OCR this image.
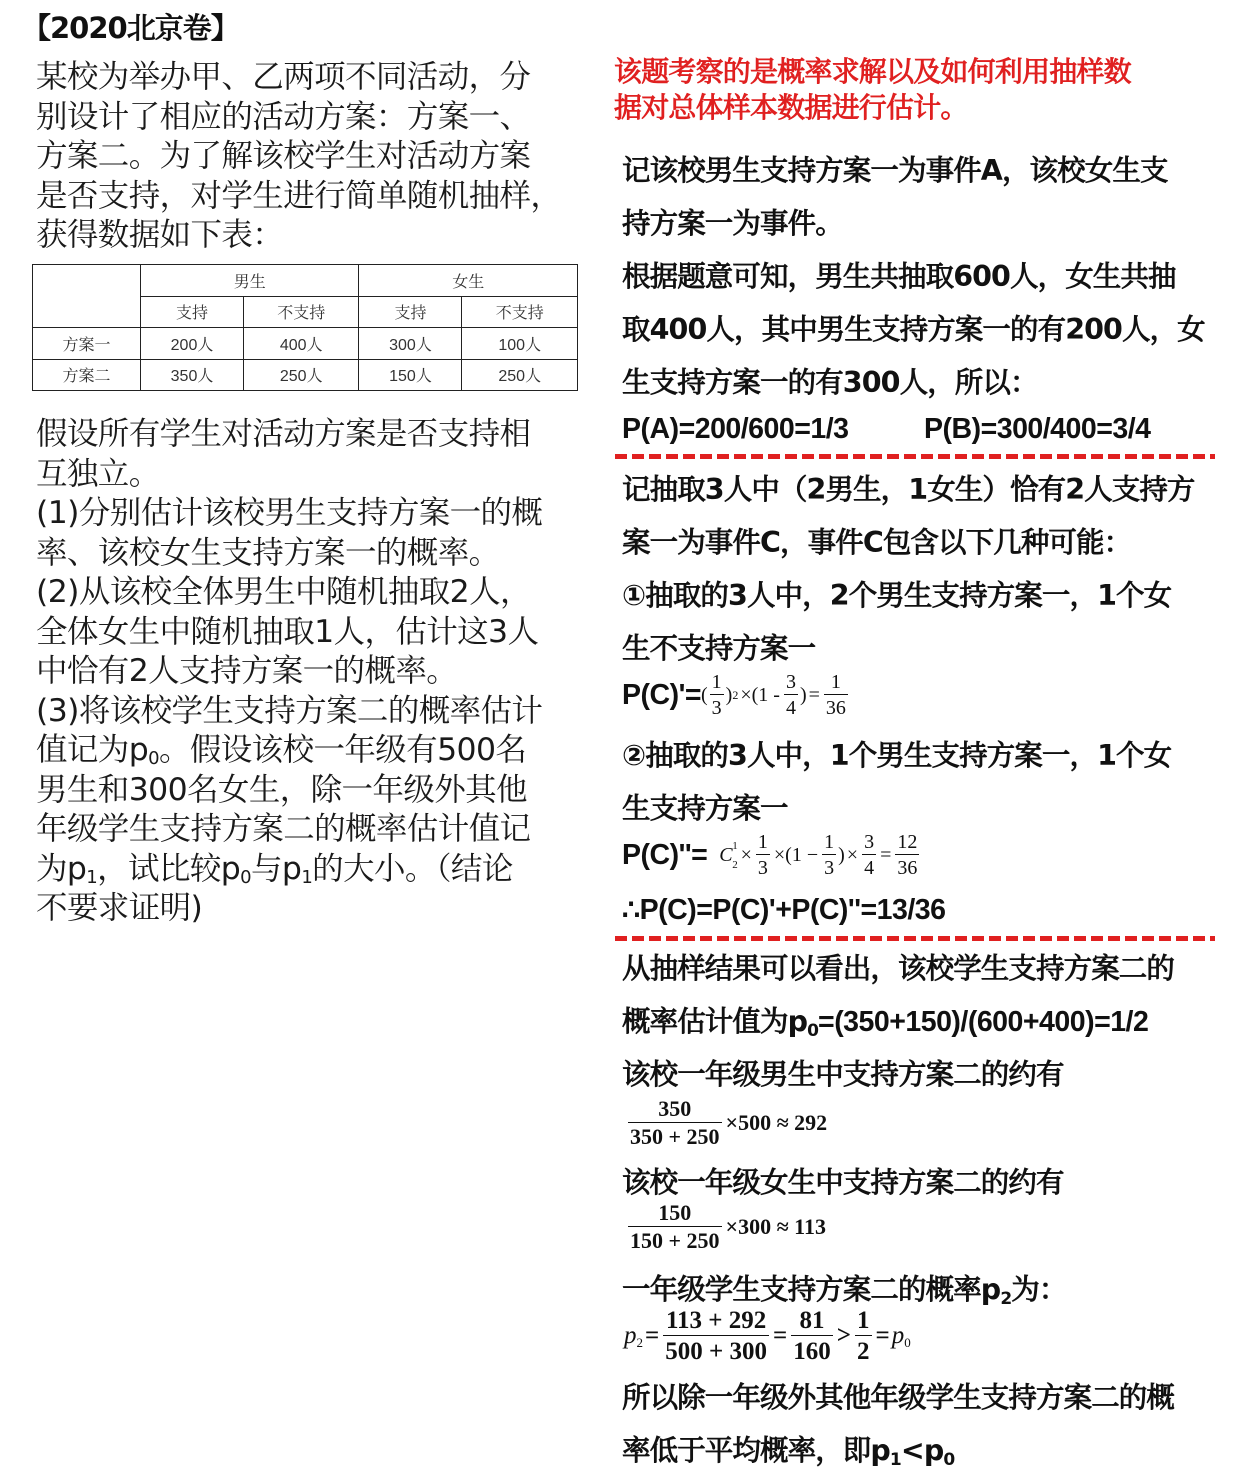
【2020北京卷】
某校为举办甲、乙两项不同活动，分
别设计了相应的活动方案：方案一、
方案二。为了解该校学生对活动方案
是否支持，对学生进行简单随机抽样，
获得数据如下表：
	男生		女生	
	支持	不支持	支持	不支持
方案一	200人	400人	300人	100人
方案二	350人	250人	150人	250人
假设所有学生对活动方案是否支持相
互独立。
(1)分别估计该校男生支持方案一的概
率、该校女生支持方案一的概率。
(2)从该校全体男生中随机抽取2人，
全体女生中随机抽取1人，估计这3人
中恰有2人支持方案一的概率。
(3)将该校学生支持方案二的概率估计
值记为$p_0$。假设该校一年级有500名
男生和300名女生，除一年级外其他
年级学生支持方案二的概率估计值记
为$p_1$，试比较$p_0$与$p_1$的大小。（结论
不要求证明)
该题考察的是概率求解以及如何利用抽样数
据对总体样本数据进行估计。
记该校男生支持方案一为事件A，该校女生支
持方案一为事件。
根据题意可知，男生共抽取600人，女生共抽
取400人，其中男生支持方案一的有200人，女
生支持方案一的有300人，所以：
P(A)=200/600=1/3	P(B)=300/400=3/4
记抽取3人中（2男生，1女生）恰有2人支持方
案一为事件C，事件C包含以下几种可能：
①抽取的3人中，2个男生支持方案一，1个女
生不支持方案一
P(C)'= ( $\frac{1}{3}$ ) $2 \times(1 - \frac{3}{4}$ ) = $\frac{1}{36}$
②抽取的3人中，1个男生支持方案一，1个女
生支持方案一
P(C)''= C 1
$2 \times \frac{1}{3} \times(1 - \frac{1}{3}$ ) × $\frac{3}{4} = \frac{12}{36}$
∴P(C)=P(C)'+P(C)''=13/36
从抽样结果可以看出，该校学生支持方案二的
概率估计值为$p_0=(350+150)/(600+400)=1/2$
该校一年级男生中支持方案二的约有
$\frac{350}{350 + 250} \times 500 \approx 292$
该校一年级女生中支持方案二的约有
$\frac{150}{150 + 250} \times 300 \approx 113$
一年级学生支持方案二的概率$p_2$为：
$p_2 = \frac{113 + 292}{500 + 300} = \frac{81}{160} > \frac{1}{2} = p_0$
所以除一年级外其他年级学生支持方案二的概
率低于平均概率，即$p_1<p_0$
